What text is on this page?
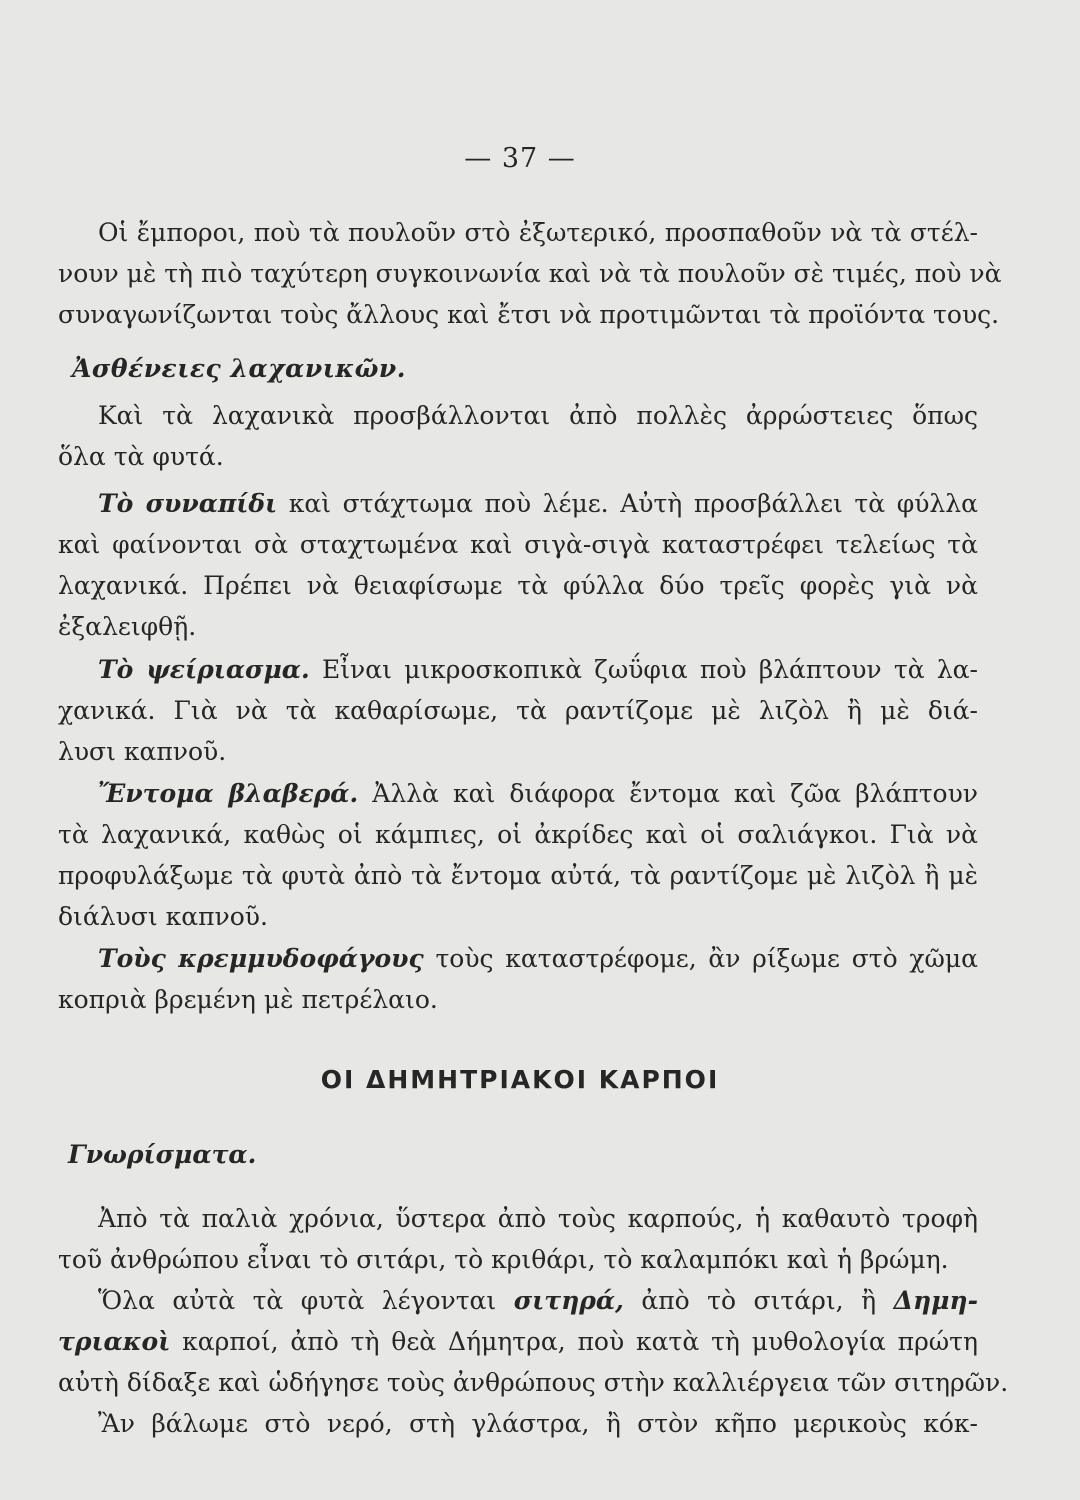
— 37 —
Οἱ ἔμποροι, ποὺ τὰ πουλοῦν στὸ ἐξωτερικό, προσπαθοῦν νὰ τὰ στέλ-
νουν μὲ τὴ πιὸ ταχύτερη συγκοινωνία καὶ νὰ τὰ πουλοῦν σὲ τιμές, ποὺ νὰ
συναγωνίζωνται τοὺς ἄλλους καὶ ἔτσι νὰ προτιμῶνται τὰ προϊόντα τους.
Ἀσθένειες λαχανικῶν.
Καὶ τὰ λαχανικὰ προσβάλλονται ἀπὸ πολλὲς ἀρρώστειες ὅπως
ὅλα τὰ φυτά.
Τὸ συναπίδι καὶ στάχτωμα ποὺ λέμε. Αὐτὴ προσβάλλει τὰ φύλλα
καὶ φαίνονται σὰ σταχτωμένα καὶ σιγὰ-σιγὰ καταστρέφει τελείως τὰ
λαχανικά. Πρέπει νὰ θειαφίσωμε τὰ φύλλα δύο τρεῖς φορὲς γιὰ νὰ
ἐξαλειφθῇ.
Τὸ ψείριασμα. Εἶναι μικροσκοπικὰ ζωΰφια ποὺ βλάπτουν τὰ λα-
χανικά. Γιὰ νὰ τὰ καθαρίσωμε, τὰ ραντίζομε μὲ λιζὸλ ἢ μὲ διά-
λυσι καπνοῦ.
Ἔντομα βλαβερά. Ἀλλὰ καὶ διάφορα ἔντομα καὶ ζῶα βλάπτουν
τὰ λαχανικά, καθὼς οἱ κάμπιες, οἱ ἀκρίδες καὶ οἱ σαλιάγκοι. Γιὰ νὰ
προφυλάξωμε τὰ φυτὰ ἀπὸ τὰ ἔντομα αὐτά, τὰ ραντίζομε μὲ λιζὸλ ἢ μὲ
διάλυσι καπνοῦ.
Τοὺς κρεμμυδοφάγους τοὺς καταστρέφομε, ἂν ρίξωμε στὸ χῶμα
κοπριὰ βρεμένη μὲ πετρέλαιο.
ΟΙ ΔΗΜΗΤΡΙΑΚΟΙ ΚΑΡΠΟΙ
Γνωρίσματα.
Ἀπὸ τὰ παλιὰ χρόνια, ὕστερα ἀπὸ τοὺς καρπούς, ἡ καθαυτὸ τροφὴ
τοῦ ἀνθρώπου εἶναι τὸ σιτάρι, τὸ κριθάρι, τὸ καλαμπόκι καὶ ἡ βρώμη.
Ὅλα αὐτὰ τὰ φυτὰ λέγονται σιτηρά, ἀπὸ τὸ σιτάρι, ἢ Δημη-
τριακοὶ καρποί, ἀπὸ τὴ θεὰ Δήμητρα, ποὺ κατὰ τὴ μυθολογία πρώτη
αὐτὴ δίδαξε καὶ ὡδήγησε τοὺς ἀνθρώπους στὴν καλλιέργεια τῶν σιτηρῶν.
Ἂν βάλωμε στὸ νερό, στὴ γλάστρα, ἢ στὸν κῆπο μερικοὺς κόκ-
